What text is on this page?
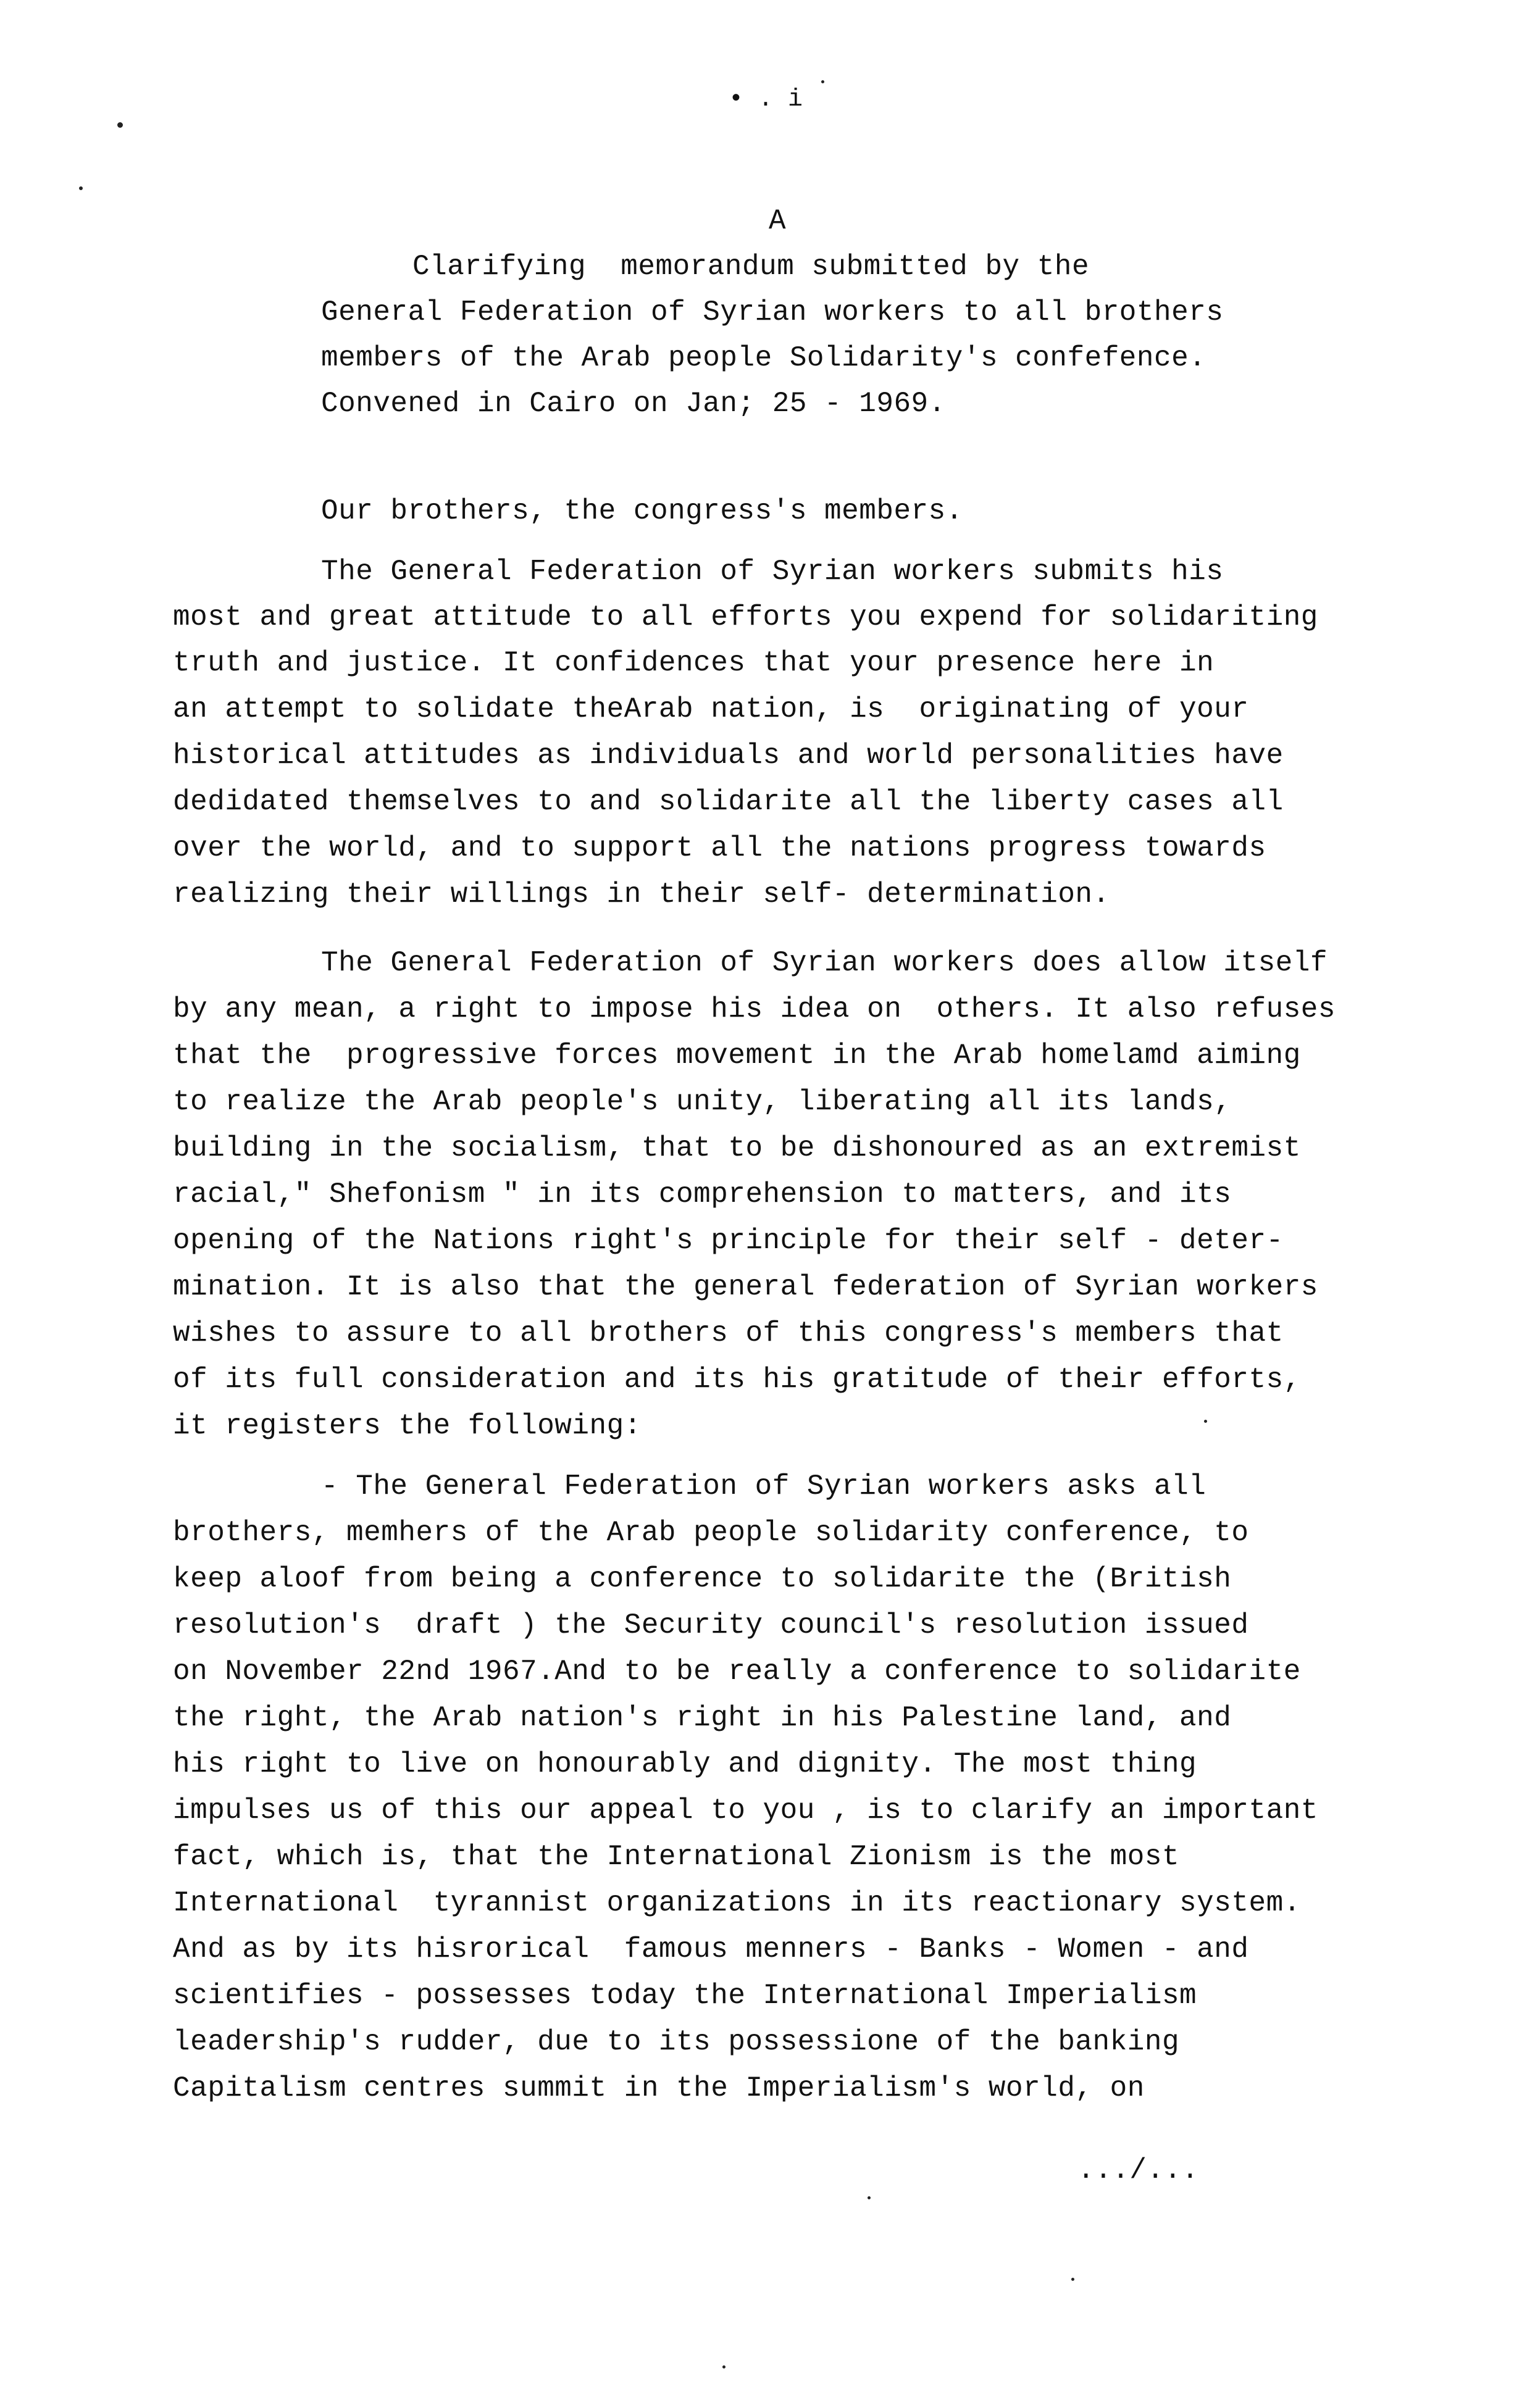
• . i
A
Clarifying  memorandum submitted by the
General Federation of Syrian workers to all brothers
members of the Arab people Solidarity's confefence.
Convened in Cairo on Jan; 25 - 1969.
Our brothers, the congress's members.
The General Federation of Syrian workers submits his
most and great attitude to all efforts you expend for solidariting
truth and justice. It confidences that your presence here in
an attempt to solidate theArab nation, is  originating of your
historical attitudes as individuals and world personalities have
dedidated themselves to and solidarite all the liberty cases all
over the world, and to support all the nations progress towards
realizing their willings in their self- determination.
The General Federation of Syrian workers does allow itself
by any mean, a right to impose his idea on  others. It also refuses
that the  progressive forces movement in the Arab homelamd aiming
to realize the Arab people's unity, liberating all its lands,
building in the socialism, that to be dishonoured as an extremist
racial," Shefonism " in its comprehension to matters, and its
opening of the Nations right's principle for their self - deter-
mination. It is also that the general federation of Syrian workers
wishes to assure to all brothers of this congress's members that
of its full consideration and its his gratitude of their efforts,
it registers the following:
- The General Federation of Syrian workers asks all
brothers, memhers of the Arab people solidarity conference, to
keep aloof from being a conference to solidarite the (British
resolution's  draft ) the Security council's resolution issued
on November 22nd 1967.And to be really a conference to solidarite
the right, the Arab nation's right in his Palestine land, and
his right to live on honourably and dignity. The most thing
impulses us of this our appeal to you , is to clarify an important
fact, which is, that the International Zionism is the most
International  tyrannist organizations in its reactionary system.
And as by its hisrorical  famous menners - Banks - Women - and
scientifies - possesses today the International Imperialism
leadership's rudder, due to its possessione of the banking
Capitalism centres summit in the Imperialism's world, on
.../...
